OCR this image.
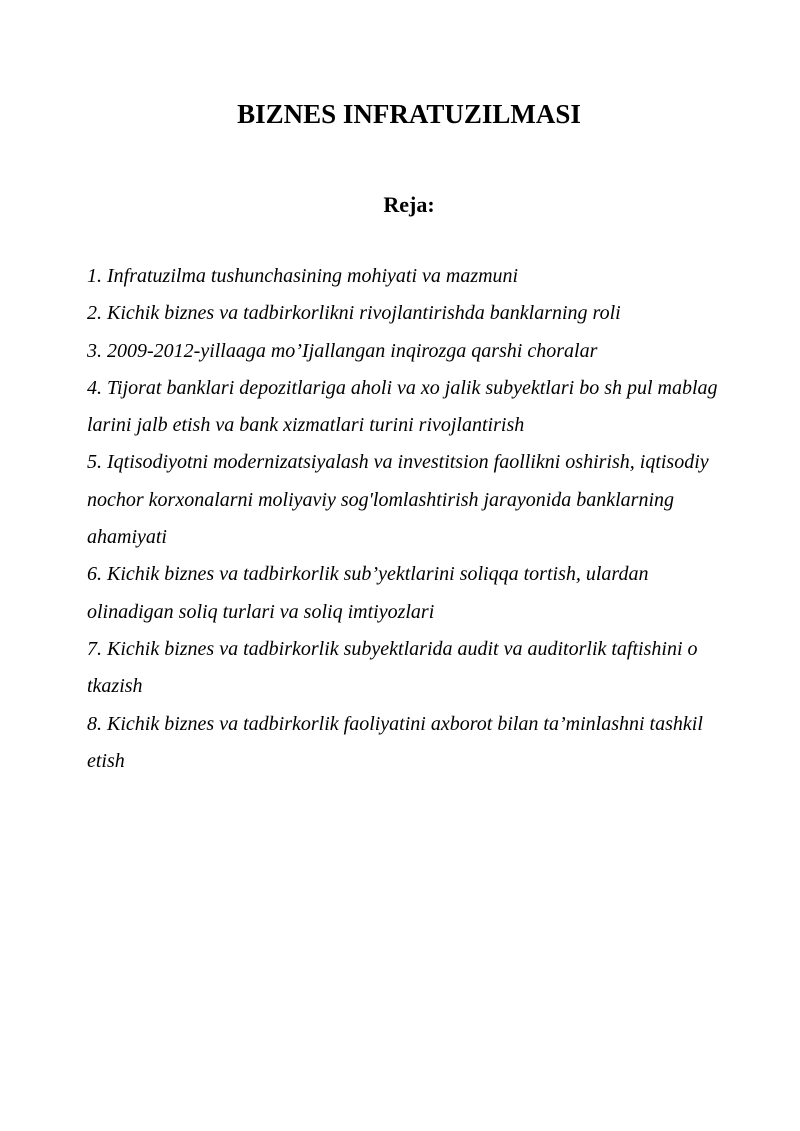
BIZNES INFRATUZILMASI
Reja:
1. Infratuzilma tushunchasining mohiyati va mazmuni
2. Kichik biznes va tadbirkorlikni rivojlantirishda banklarning roli
3. 2009-2012-yillaaga mo’Ijallangan inqirozga qarshi choralar
4. Tijorat banklari depozitlariga aholi va xo jalik subyektlari bo sh pul mablag larini jalb etish va bank xizmatlari turini rivojlantirish
5. Iqtisodiyotni modernizatsiyalash va investitsion faollikni oshirish, iqtisodiy nochor korxonalarni moliyaviy sog'lomlashtirish jarayonida banklarning ahamiyati
6. Kichik biznes va tadbirkorlik sub’yektlarini soliqqa tortish, ulardan olinadigan soliq turlari va soliq imtiyozlari
7. Kichik biznes va tadbirkorlik subyektlarida audit va auditorlik taftishini o tkazish
8. Kichik biznes va tadbirkorlik faoliyatini axborot bilan ta’minlashni tashkil etish
